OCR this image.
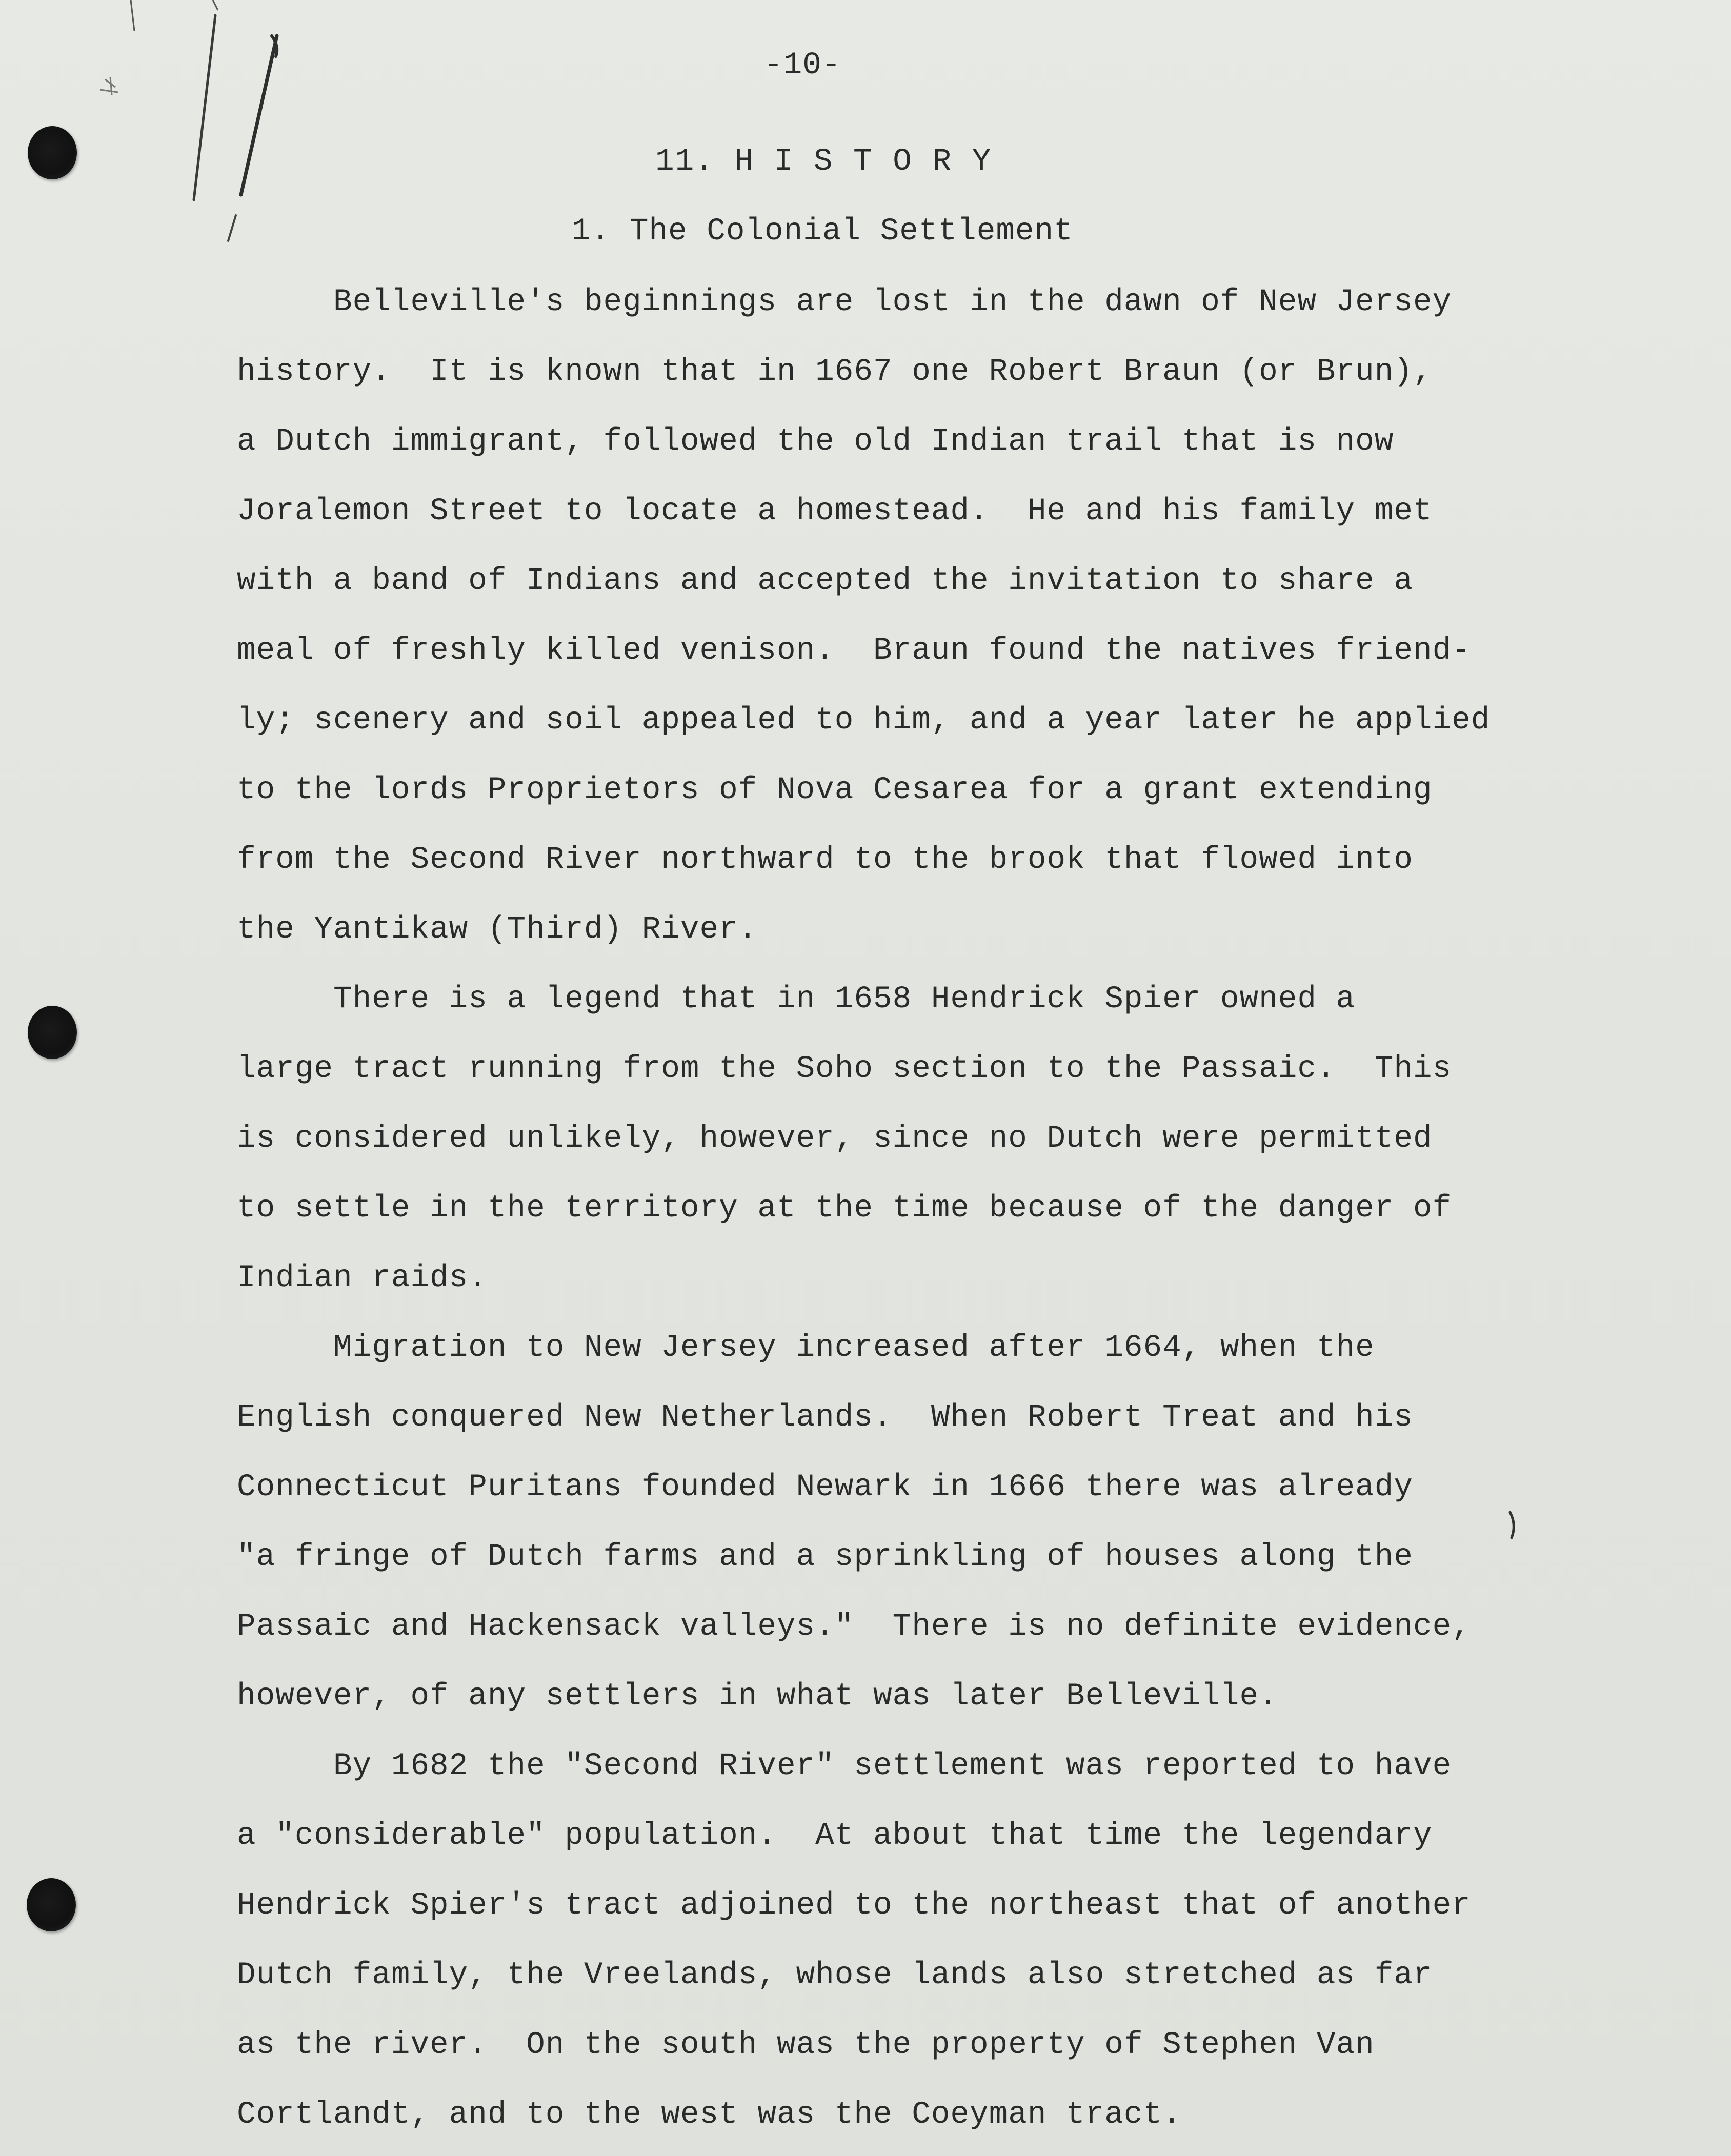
-10-
11. H I S T O R Y
1. The Colonial Settlement
Belleville's beginnings are lost in the dawn of New Jersey
history.  It is known that in 1667 one Robert Braun (or Brun),
a Dutch immigrant, followed the old Indian trail that is now
Joralemon Street to locate a homestead.  He and his family met
with a band of Indians and accepted the invitation to share a
meal of freshly killed venison.  Braun found the natives friend-
ly; scenery and soil appealed to him, and a year later he applied
to the lords Proprietors of Nova Cesarea for a grant extending
from the Second River northward to the brook that flowed into
the Yantikaw (Third) River.
There is a legend that in 1658 Hendrick Spier owned a
large tract running from the Soho section to the Passaic.  This
is considered unlikely, however, since no Dutch were permitted
to settle in the territory at the time because of the danger of
Indian raids.
Migration to New Jersey increased after 1664, when the
English conquered New Netherlands.  When Robert Treat and his
Connecticut Puritans founded Newark in 1666 there was already
"a fringe of Dutch farms and a sprinkling of houses along the
Passaic and Hackensack valleys."  There is no definite evidence,
however, of any settlers in what was later Belleville.
By 1682 the "Second River" settlement was reported to have
a "considerable" population.  At about that time the legendary
Hendrick Spier's tract adjoined to the northeast that of another
Dutch family, the Vreelands, whose lands also stretched as far
as the river.  On the south was the property of Stephen Van
Cortlandt, and to the west was the Coeyman tract.
